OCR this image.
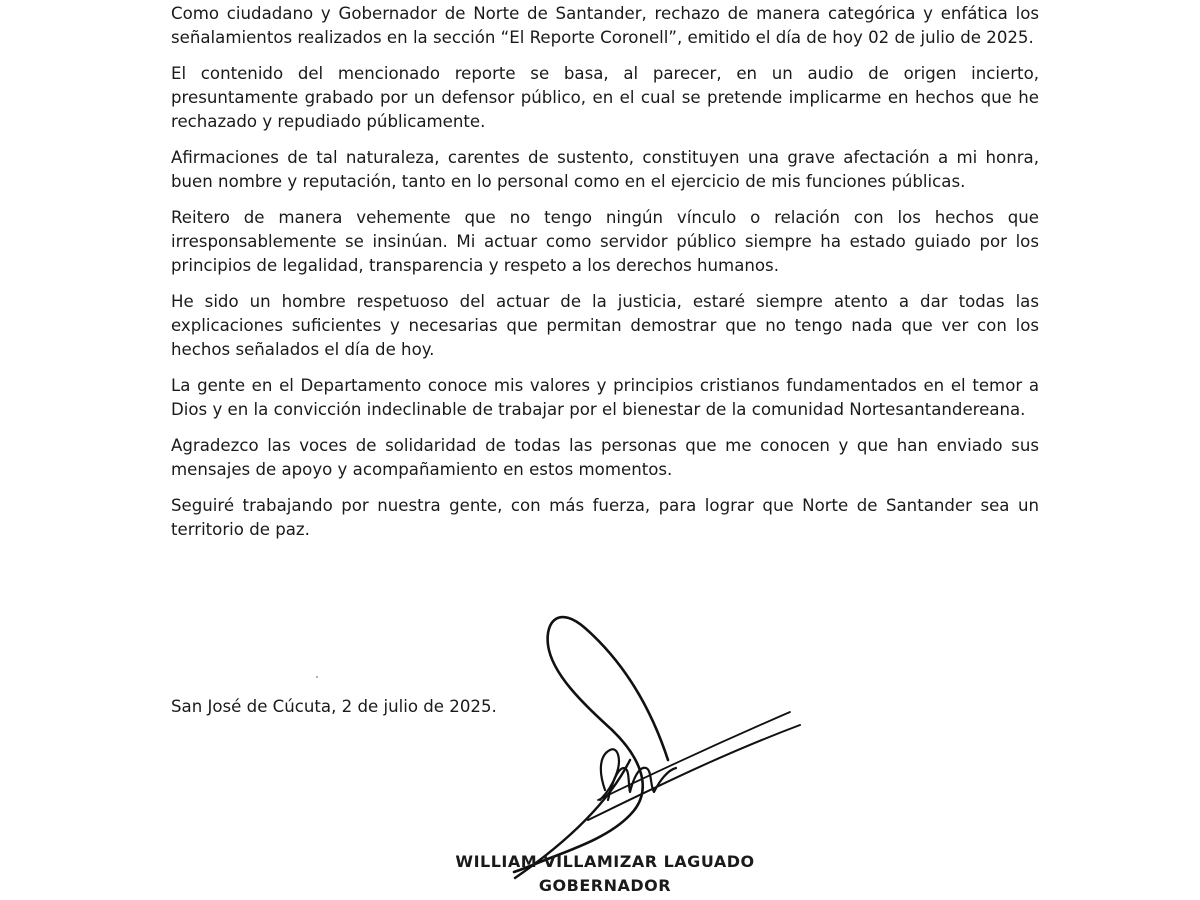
Como ciudadano y Gobernador de Norte de Santander, rechazo de manera categórica y enfática los señalamientos realizados en la sección “El Reporte Coronell”, emitido el día de hoy 02 de julio de 2025.

El contenido del mencionado reporte se basa, al parecer, en un audio de origen incierto, presuntamente grabado por un defensor público, en el cual se pretende implicarme en hechos que he rechazado y repudiado públicamente.

Afirmaciones de tal naturaleza, carentes de sustento, constituyen una grave afectación a mi honra, buen nombre y reputación, tanto en lo personal como en el ejercicio de mis funciones públicas.

Reitero de manera vehemente que no tengo ningún vínculo o relación con los hechos que irresponsablemente se insinúan. Mi actuar como servidor público siempre ha estado guiado por los principios de legalidad, transparencia y respeto a los derechos humanos.

He sido un hombre respetuoso del actuar de la justicia, estaré siempre atento a dar todas las explicaciones suficientes y necesarias que permitan demostrar que no tengo nada que ver con los hechos señalados el día de hoy.

La gente en el Departamento conoce mis valores y principios cristianos fundamentados en el temor a Dios y en la convicción indeclinable de trabajar por el bienestar de la comunidad Nortesantandereana.

Agradezco las voces de solidaridad de todas las personas que me conocen y que han enviado sus mensajes de apoyo y acompañamiento en estos momentos.

Seguiré trabajando por nuestra gente, con más fuerza, para lograr que Norte de Santander sea un territorio de paz.

San José de Cúcuta, 2 de julio de 2025.
WILLIAM VILLAMIZAR LAGUADO
GOBERNADOR
